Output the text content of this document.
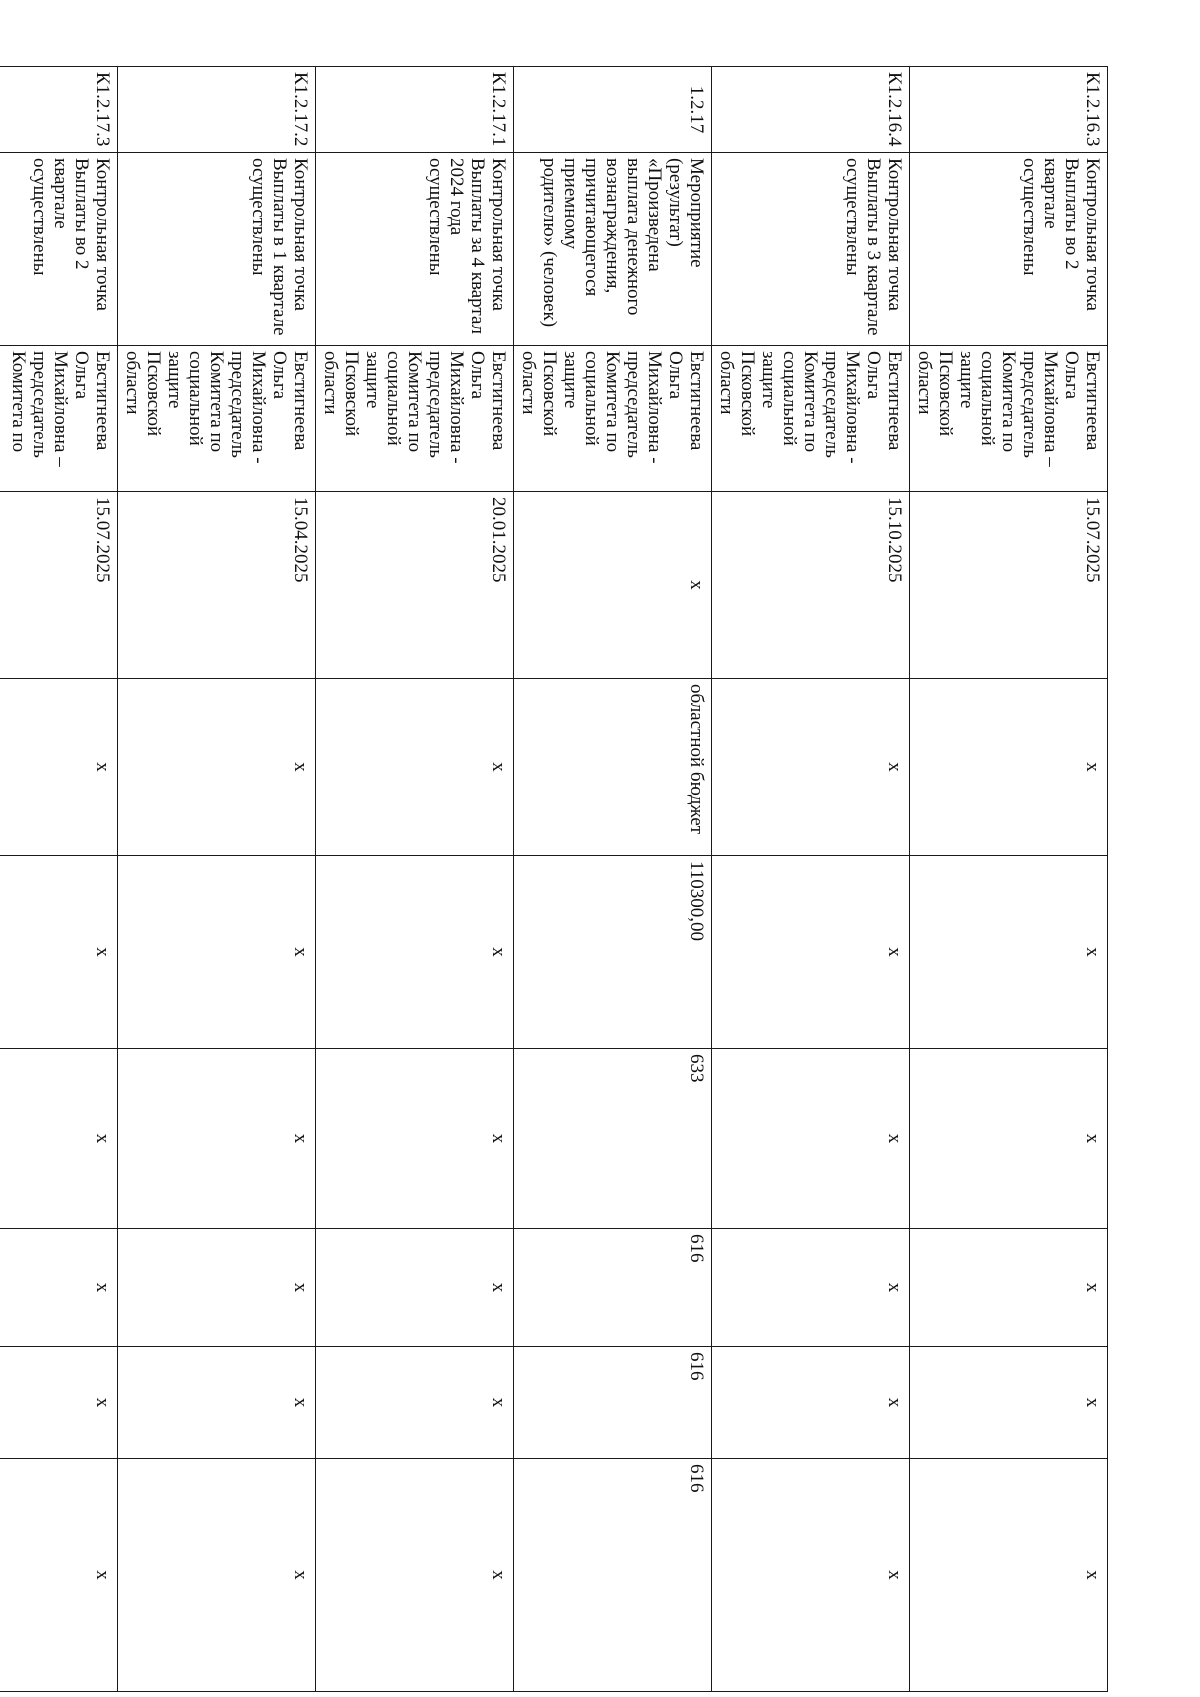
К1.2.16.3	Контрольная точка Выплаты во 2 квартале осуществлены	Евстигнеева Ольга Михайловна – председатель Комитета по социальной защите Псковской области	15.07.2025	х	х	х	х	х	х
К1.2.16.4	Контрольная точка Выплаты в 3 квартале осуществлены	Евстигнеева Ольга Михайловна - председатель Комитета по социальной защите Псковской области	15.10.2025	х	х	х	х	х	х
1.2.17	Мероприятие (результат) «Произведена выплата денежного вознаграждения, причитающегося приемному родителю» (человек)	Евстигнеева Ольга Михайловна - председатель Комитета по социальной защите Псковской области	х	областной бюджет	110300,00	633	616	616	616
К1.2.17.1	Контрольная точка Выплаты за 4 квартал 2024 года осуществлены	Евстигнеева Ольга Михайловна - председатель Комитета по социальной защите Псковской области	20.01.2025	х	х	х	х	х	х
К1.2.17.2	Контрольная точка Выплаты в 1 квартале осуществлены	Евстигнеева Ольга Михайловна - председатель Комитета по социальной защите Псковской области	15.04.2025	х	х	х	х	х	х
К1.2.17.3	Контрольная точка Выплаты во 2 квартале осуществлены	Евстигнеева Ольга Михайловна – председатель Комитета по	15.07.2025	х	х	х	х	х	х
